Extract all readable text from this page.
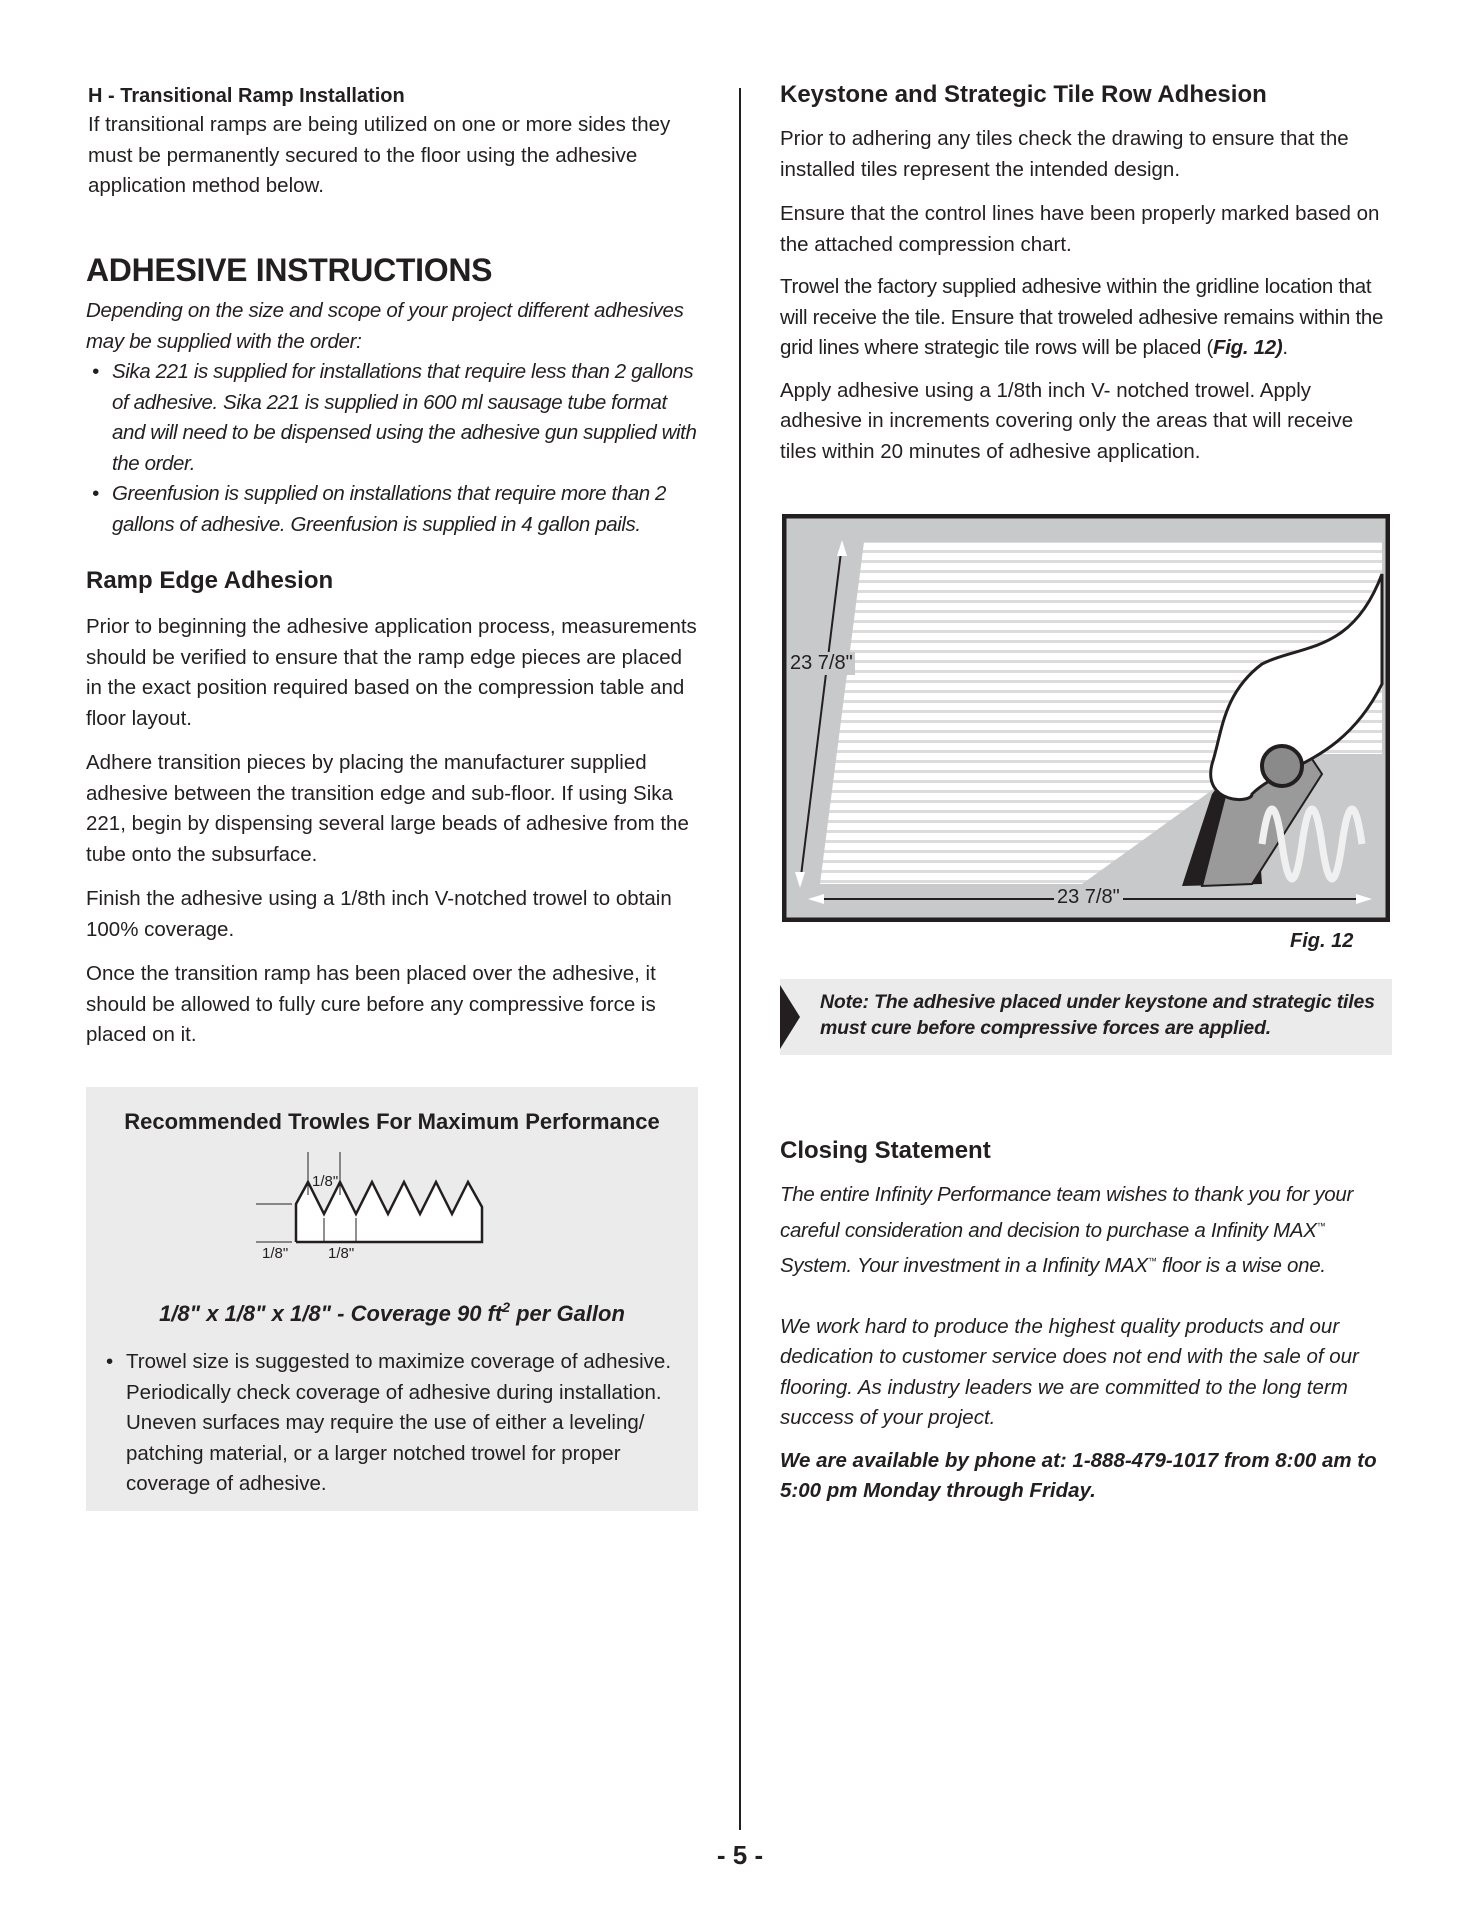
H - Transitional Ramp Installation

If transitional ramps are being utilized on one or more sides they must be permanently secured to the floor using the adhesive application method below.

ADHESIVE INSTRUCTIONS

Depending on the size and scope of your project different adhesives may be supplied with the order:

• Sika 221 is supplied for installations that require less than 2 gallons of adhesive. Sika 221 is supplied in 600 ml sausage tube format and will need to be dispensed using the adhesive gun supplied with the order.
• Greenfusion is supplied on installations that require more than 2 gallons of adhesive. Greenfusion is supplied in 4 gallon pails.
Ramp Edge Adhesion

Prior to beginning the adhesive application process, measurements should be verified to ensure that the ramp edge pieces are placed in the exact position required based on the compression table and floor layout.

Adhere transition pieces by placing the manufacturer supplied adhesive between the transition edge and sub-floor. If using Sika 221, begin by dispensing several large beads of adhesive from the tube onto the subsurface.

Finish the adhesive using a 1/8th inch V-notched trowel to obtain 100% coverage.

Once the transition ramp has been placed over the adhesive, it should be allowed to fully cure before any compressive force is placed on it.

Recommended Trowles For Maximum Performance
1/8"
1/8"	1/8"
1/8" x 1/8" x 1/8" - Coverage 90 $ft^2$ per Gallon
• Trowel size is suggested to maximize coverage of adhesive. Periodically check coverage of adhesive during installation. Uneven surfaces may require the use of either a leveling/ patching material, or a larger notched trowel for proper coverage of adhesive.
Keystone and Strategic Tile Row Adhesion

Prior to adhering any tiles check the drawing to ensure that the installed tiles represent the intended design.

Ensure that the control lines have been properly marked based on the attached compression chart.

Trowel the factory supplied adhesive within the gridline location that will receive the tile. Ensure that troweled adhesive remains within the grid lines where strategic tile rows will be placed (Fig. 12).

Apply adhesive using a 1/8th inch V- notched trowel. Apply adhesive in increments covering only the areas that will receive tiles within 20 minutes of adhesive application.

23 7/8"
23 7/8"
Fig. 12
Note: The adhesive placed under keystone and strategic tiles must cure before compressive forces are applied.
Closing Statement

The entire Infinity Performance team wishes to thank you for your careful consideration and decision to purchase a Infinity MAX™ System. Your investment in a Infinity MAX™ floor is a wise one.

We work hard to produce the highest quality products and our dedication to customer service does not end with the sale of our flooring. As industry leaders we are committed to the long term success of your project.

We are available by phone at: 1-888-479-1017 from 8:00 am to 5:00 pm Monday through Friday.

- 5 -
